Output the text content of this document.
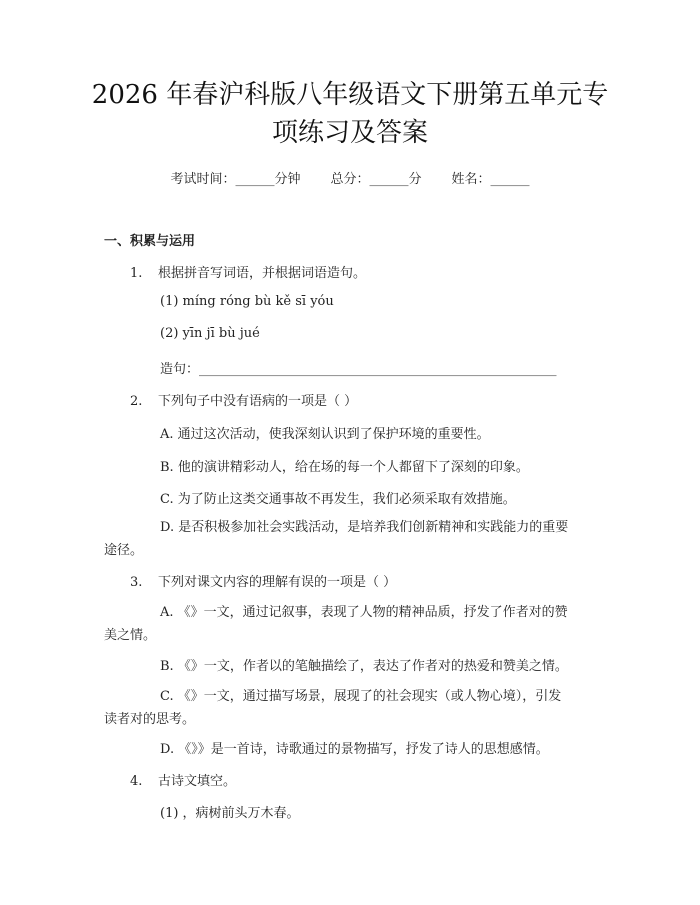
2026 年春沪科版八年级语文下册第五单元专
项练习及答案
考试时间：______分钟 总分：______分 姓名：______
一、积累与运用
1. 根据拼音写词语，并根据词语造句。
(1) míng róng bù kě sī yóu
(2) yīn jī bù jué
造句：_______________________________________________________
2. 下列句子中没有语病的一项是（ ）
A. 通过这次活动，使我深刻认识到了保护环境的重要性。
B. 他的演讲精彩动人，给在场的每一个人都留下了深刻的印象。
C. 为了防止这类交通事故不再发生，我们必须采取有效措施。
D. 是否积极参加社会实践活动，是培养我们创新精神和实践能力的重要
途径。
3. 下列对课文内容的理解有误的一项是（ ）
A. 《》一文，通过记叙事，表现了人物的精神品质，抒发了作者对的赞
美之情。
B. 《》一文，作者以的笔触描绘了，表达了作者对的热爱和赞美之情。
C. 《》一文，通过描写场景，展现了的社会现实（或人物心境），引发
读者对的思考。
D. 《》》是一首诗，诗歌通过的景物描写，抒发了诗人的思想感情。
4. 古诗文填空。
(1) ，病树前头万木春。
